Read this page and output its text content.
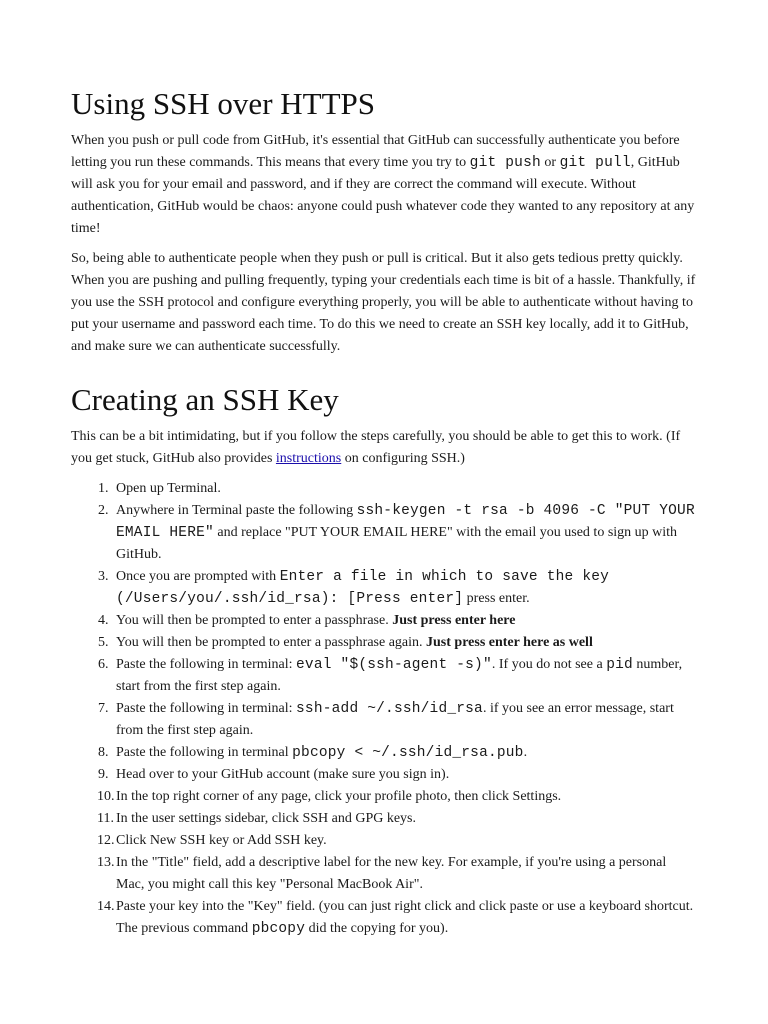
Using SSH over HTTPS

When you push or pull code from GitHub, it's essential that GitHub can successfully authenticate you before letting you run these commands. This means that every time you try to git push or git pull, GitHub will ask you for your email and password, and if they are correct the command will execute. Without authentication, GitHub would be chaos: anyone could push whatever code they wanted to any repository at any time!

So, being able to authenticate people when they push or pull is critical. But it also gets tedious pretty quickly. When you are pushing and pulling frequently, typing your credentials each time is bit of a hassle. Thankfully, if you use the SSH protocol and configure everything properly, you will be able to authenticate without having to put your username and password each time. To do this we need to create an SSH key locally, add it to GitHub, and make sure we can authenticate successfully.

Creating an SSH Key

This can be a bit intimidating, but if you follow the steps carefully, you should be able to get this to work. (If you get stuck, GitHub also provides instructions on configuring SSH.)

1. Open up Terminal.
2. Anywhere in Terminal paste the following ssh-keygen -t rsa -b 4096 -C "PUT YOUR EMAIL HERE" and replace "PUT YOUR EMAIL HERE" with the email you used to sign up with GitHub.
3. Once you are prompted with Enter a file in which to save the key (/Users/you/.ssh/id_rsa): [Press enter] press enter.
4. You will then be prompted to enter a passphrase. Just press enter here
5. You will then be prompted to enter a passphrase again. Just press enter here as well
6. Paste the following in terminal: eval "$(ssh-agent -s)". If you do not see a pid number, start from the first step again.
7. Paste the following in terminal: ssh-add ~/.ssh/id_rsa. if you see an error message, start from the first step again.
8. Paste the following in terminal pbcopy < ~/.ssh/id_rsa.pub.
9. Head over to your GitHub account (make sure you sign in).
10. In the top right corner of any page, click your profile photo, then click Settings.
11. In the user settings sidebar, click SSH and GPG keys.
12. Click New SSH key or Add SSH key.
13. In the "Title" field, add a descriptive label for the new key. For example, if you're using a personal Mac, you might call this key "Personal MacBook Air".
14. Paste your key into the "Key" field. (you can just right click and click paste or use a keyboard shortcut. The previous command pbcopy did the copying for you).
